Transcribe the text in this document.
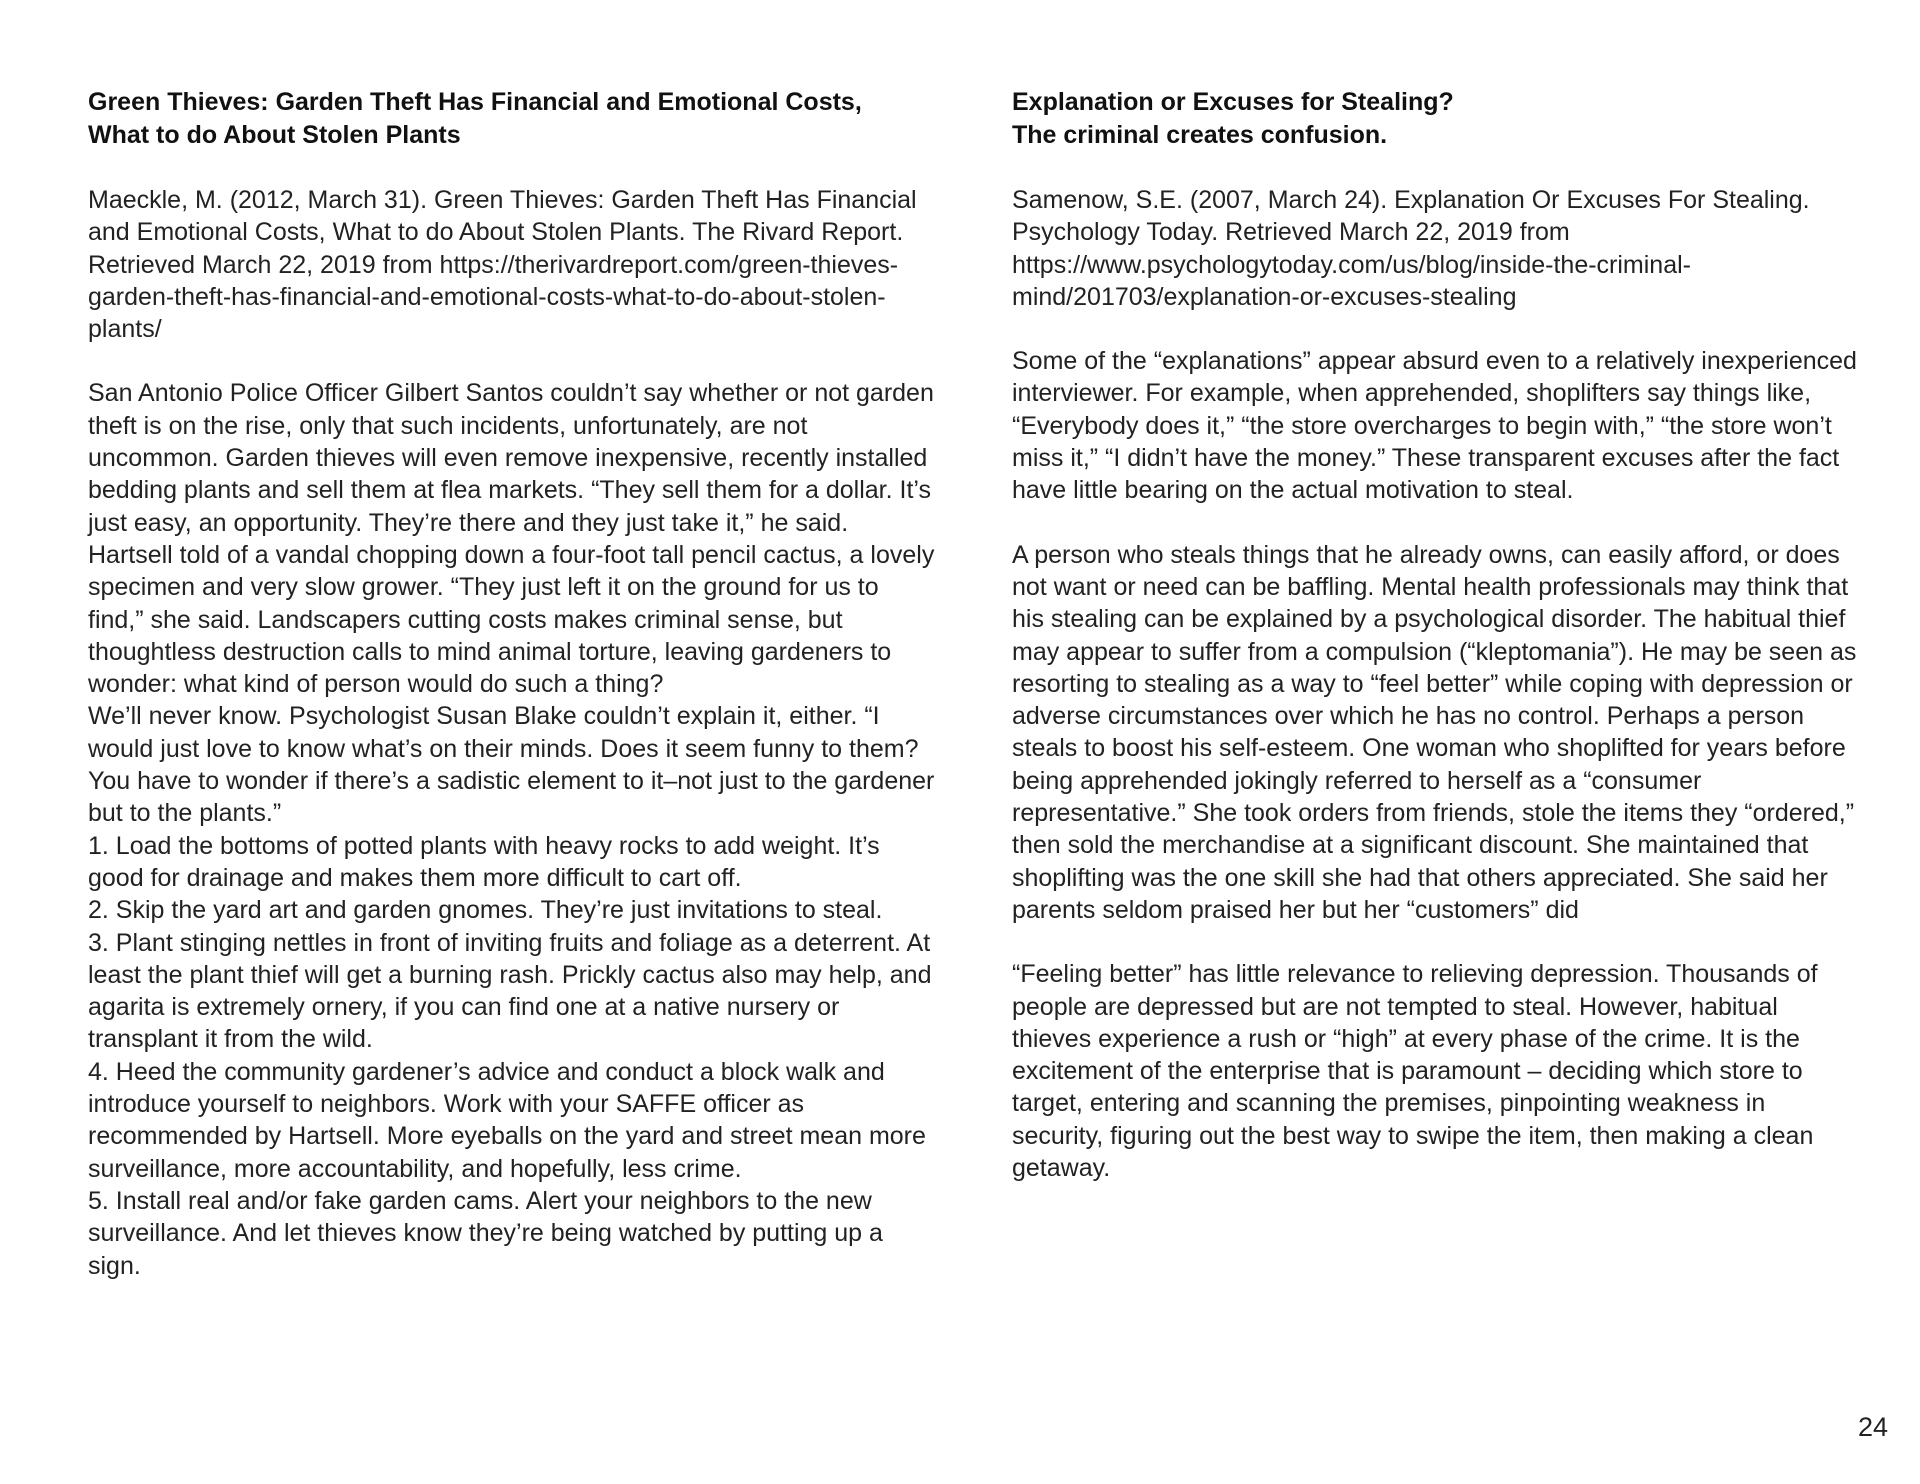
Green Thieves: Garden Theft Has Financial and Emotional Costs,
What to do About Stolen Plants

Maeckle, M. (2012, March 31). Green Thieves: Garden Theft Has Financial and Emotional Costs, What to do About Stolen Plants. The Rivard Report. Retrieved March 22, 2019 from https://therivardreport.com/green-thieves-garden-theft-has-financial-and-emotional-costs-what-to-do-about-stolen-plants/

San Antonio Police Officer Gilbert Santos couldn’t say whether or not garden theft is on the rise, only that such incidents, unfortunately, are not uncommon. Garden thieves will even remove inexpensive, recently installed bedding plants and sell them at flea markets. “They sell them for a dollar. It’s just easy, an opportunity. They’re there and they just take it,” he said.

Hartsell told of a vandal chopping down a four-foot tall pencil cactus, a lovely specimen and very slow grower. “They just left it on the ground for us to find,” she said. Landscapers cutting costs makes criminal sense, but thoughtless destruction calls to mind animal torture, leaving gardeners to wonder: what kind of person would do such a thing?

We’ll never know. Psychologist Susan Blake couldn’t explain it, either. “I would just love to know what’s on their minds. Does it seem funny to them? You have to wonder if there’s a sadistic element to it–not just to the gardener but to the plants.”

1. Load the bottoms of potted plants with heavy rocks to add weight. It’s good for drainage and makes them more difficult to cart off.

2. Skip the yard art and garden gnomes. They’re just invitations to steal.

3. Plant stinging nettles in front of inviting fruits and foliage as a deterrent. At least the plant thief will get a burning rash. Prickly cactus also may help, and agarita is extremely ornery, if you can find one at a native nursery or transplant it from the wild.

4. Heed the community gardener’s advice and conduct a block walk and introduce yourself to neighbors. Work with your SAFFE officer as recommended by Hartsell. More eyeballs on the yard and street mean more surveillance, more accountability, and hopefully, less crime.

5. Install real and/or fake garden cams. Alert your neighbors to the new surveillance. And let thieves know they’re being watched by putting up a sign.

Explanation or Excuses for Stealing?
The criminal creates confusion.

Samenow, S.E. (2007, March 24). Explanation Or Excuses For Stealing. Psychology Today. Retrieved March 22, 2019 from https://www.psychologytoday.com/us/blog/inside-the-criminal-mind/201703/explanation-or-excuses-stealing

Some of the “explanations” appear absurd even to a relatively inexperienced interviewer. For example, when apprehended, shoplifters say things like, “Everybody does it,” “the store overcharges to begin with,” “the store won’t miss it,” “I didn’t have the money.” These transparent excuses after the fact have little bearing on the actual motivation to steal.

A person who steals things that he already owns, can easily afford, or does not want or need can be baffling. Mental health professionals may think that his stealing can be explained by a psychological disorder. The habitual thief may appear to suffer from a compulsion (“kleptomania”). He may be seen as resorting to stealing as a way to “feel better” while coping with depression or adverse circumstances over which he has no control. Perhaps a person steals to boost his self-esteem. One woman who shoplifted for years before being apprehended jokingly referred to herself as a “consumer representative.” She took orders from friends, stole the items they “ordered,” then sold the merchandise at a significant discount. She maintained that shoplifting was the one skill she had that others appreciated. She said her parents seldom praised her but her “customers” did

“Feeling better” has little relevance to relieving depression. Thousands of people are depressed but are not tempted to steal. However, habitual thieves experience a rush or “high” at every phase of the crime. It is the excitement of the enterprise that is paramount – deciding which store to target, entering and scanning the premises, pinpointing weakness in security, figuring out the best way to swipe the item, then making a clean getaway.

24
